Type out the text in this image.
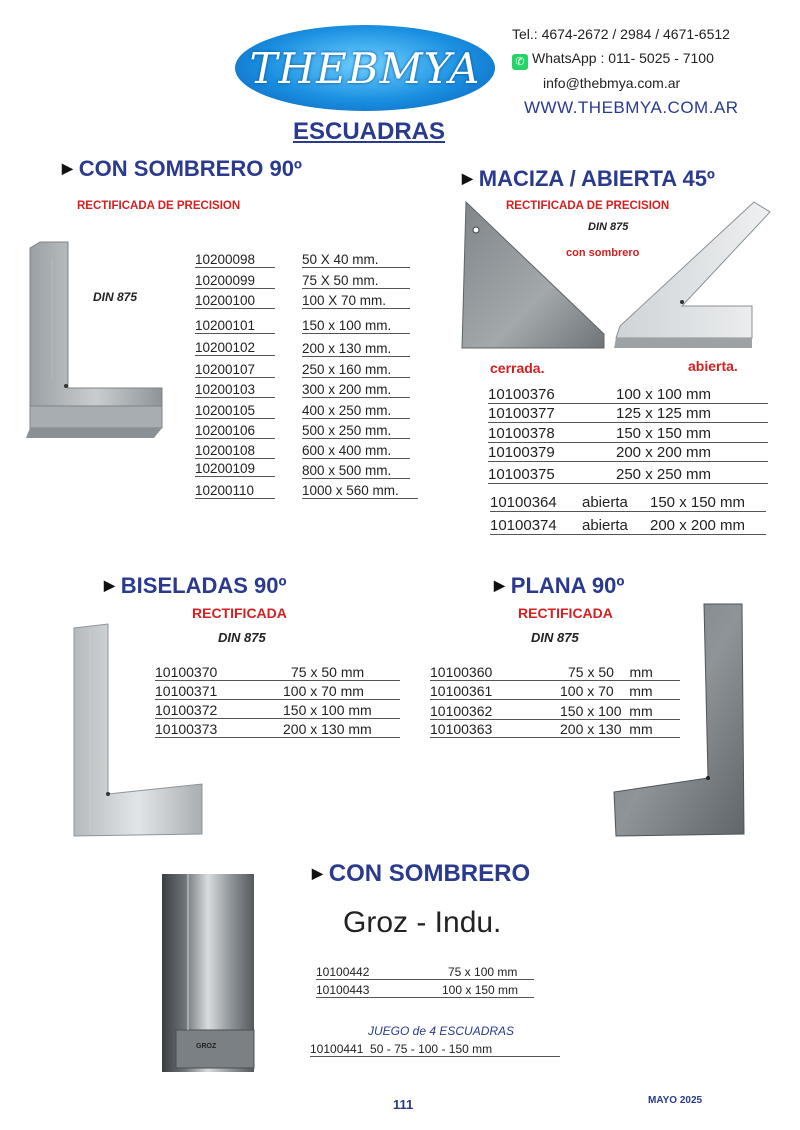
THEBMYA
Tel.: 4674-2672 / 2984 / 4671-6512
✆ WhatsApp : 011- 5025 - 7100
info@thebmya.com.ar
WWW.THEBMYA.COM.AR
ESCUADRAS
▶ CON SOMBRERO 90º
RECTIFICADA DE PRECISION
DIN 875
10200098	50 X 40 mm.
10200099	75 X 50 mm.
10200100	100 X 70 mm.
10200101	150 x 100 mm.
10200102	200 x 130 mm.
10200107	250 x 160 mm.
10200103	300 x 200 mm.
10200105	400 x 250 mm.
10200106	500 x 250 mm.
10200108	600 x 400 mm.
10200109	800 x 500 mm.
10200110	1000 x 560 mm.
▶ MACIZA / ABIERTA 45º
RECTIFICADA DE PRECISION
DIN 875
con sombrero
cerrada.	abierta.
10100376	100 x 100 mm
10100377	125 x 125 mm
10100378	150 x 150 mm
10100379	200 x 200 mm
10100375	250 x 250 mm
10100364 abierta 150 x 150 mm
10100374 abierta 200 x 200 mm
▶ BISELADAS 90º
RECTIFICADA
DIN 875
10100370	75 x 50 mm
10100371	100 x 70 mm
10100372	150 x 100 mm
10100373	200 x 130 mm
▶ PLANA 90º
RECTIFICADA
DIN 875
10100360	75 x 50    mm
10100361	100 x 70    mm
10100362	150 x 100  mm
10100363	200 x 130  mm
▶ CON SOMBRERO
Groz - Indu.
GROZ
10100442	75 x 100 mm
10100443	100 x 150 mm
JUEGO de 4 ESCUADRAS
10100441  50 - 75 - 100 - 150 mm
111	MAYO 2025
